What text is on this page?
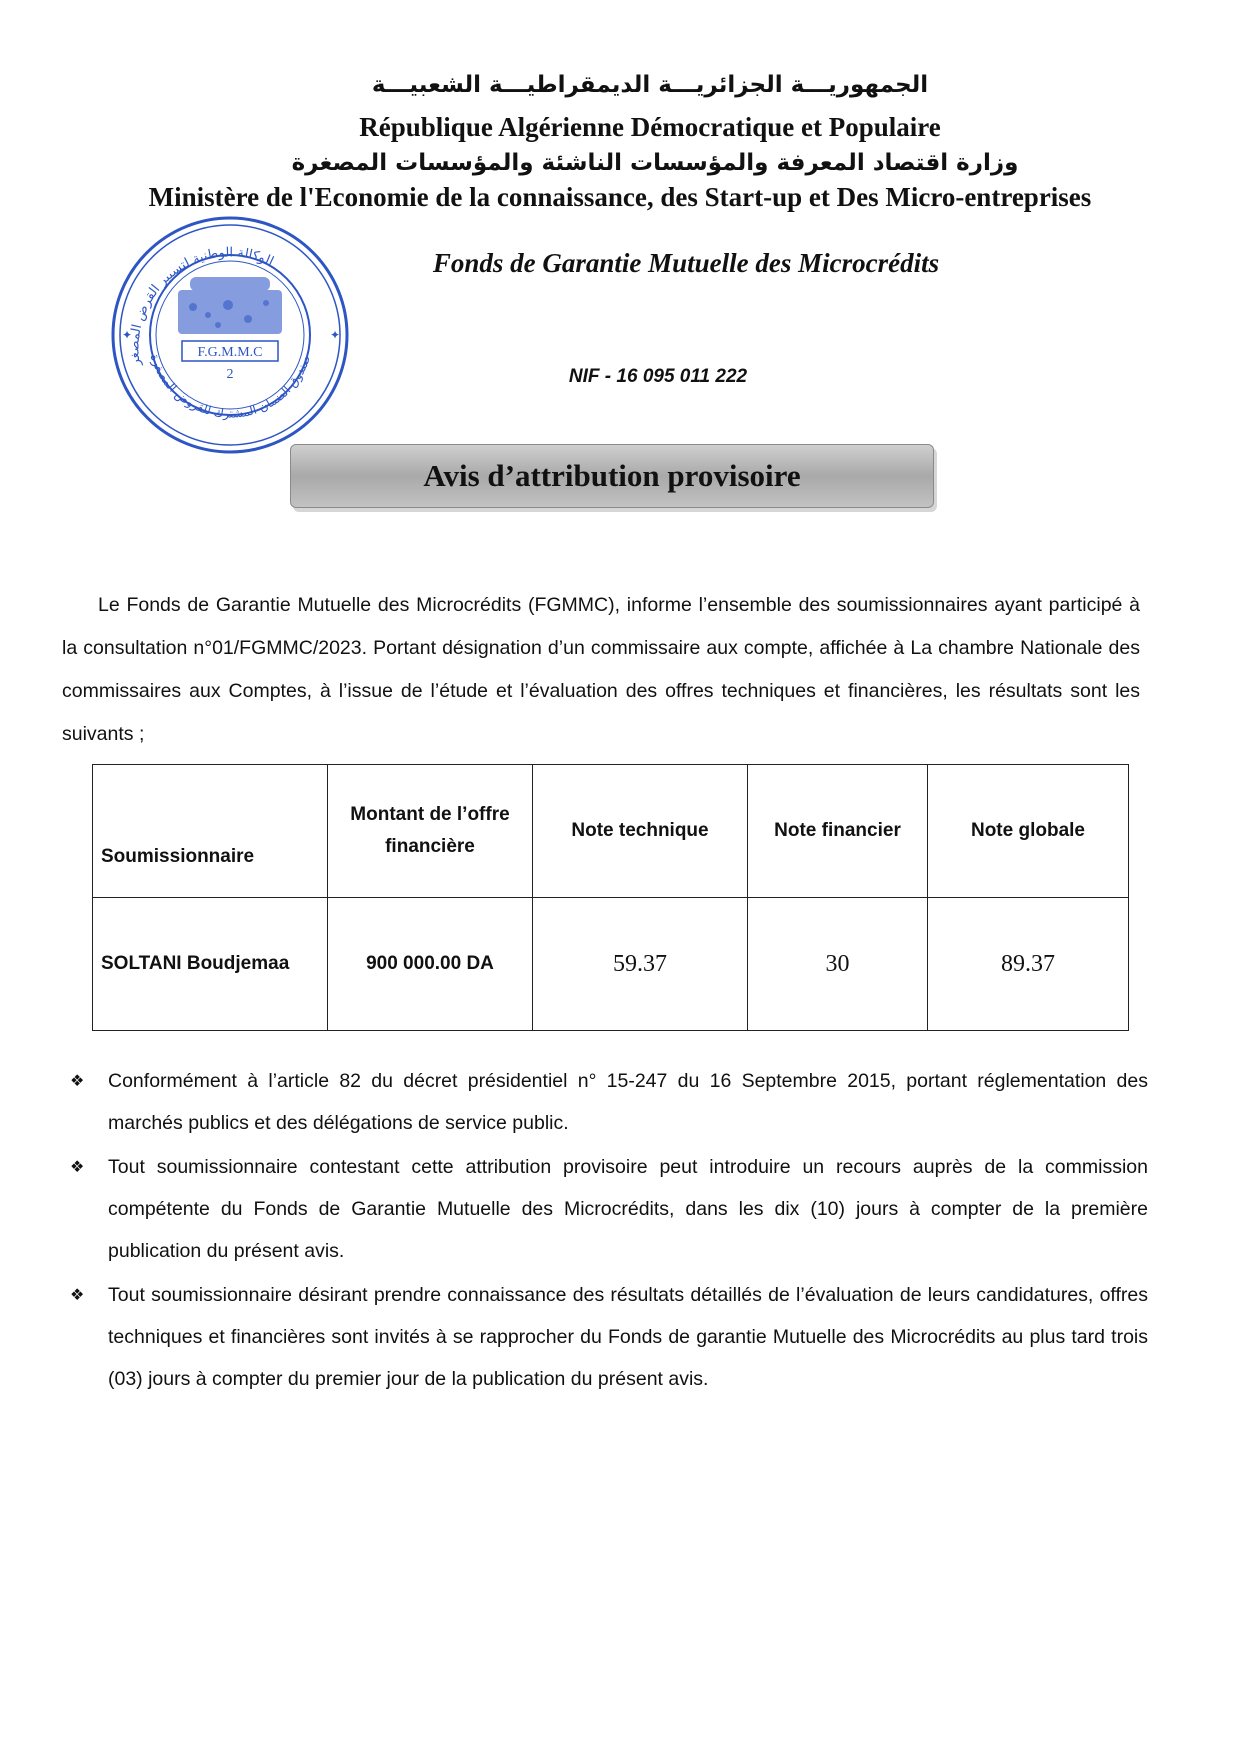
الجمهوريـــة الجزائريـــة الديمقراطيـــة الشعبيـــة
République Algérienne Démocratique et Populaire
وزارة اقتصاد المعرفة والمؤسسات الناشئة والمؤسسات المصغرة
Ministère de l'Economie de la connaissance, des Start-up et Des Micro-entreprises
Fonds de Garantie Mutuelle des Microcrédits
NIF - 16 095 011 222
الوكالة الوطنية لتسيير القرض المصغر
صندوق الضمان المشترك للقروض المصغرة
✦	✦
F.G.M.M.C
2
Avis d’attribution provisoire

Le Fonds de Garantie Mutuelle des Microcrédits (FGMMC), informe l’ensemble des soumissionnaires ayant participé à la consultation n°01/FGMMC/2023. Portant désignation d’un commissaire aux compte, affichée à La chambre Nationale des commissaires aux Comptes, à l’issue de l’étude et l’évaluation des offres techniques et financières, les résultats sont les suivants ;

Soumissionnaire	Montant de l’offre financière	Note technique	Note financier	Note globale
SOLTANI Boudjemaa	900 000.00 DA	59.37	30	89.37
❖ Conformément à l’article 82 du décret présidentiel n° 15-247 du 16 Septembre 2015, portant réglementation des marchés publics et des délégations de service public.
❖ Tout soumissionnaire contestant cette attribution provisoire peut introduire un recours auprès de la commission compétente du Fonds de Garantie Mutuelle des Microcrédits, dans les dix (10) jours à compter de la première publication du présent avis.
❖ Tout soumissionnaire désirant prendre connaissance des résultats détaillés de l’évaluation de leurs candidatures, offres techniques et financières sont invités à se rapprocher du Fonds de garantie Mutuelle des Microcrédits au plus tard trois (03) jours à compter du premier jour de la publication du présent avis.
